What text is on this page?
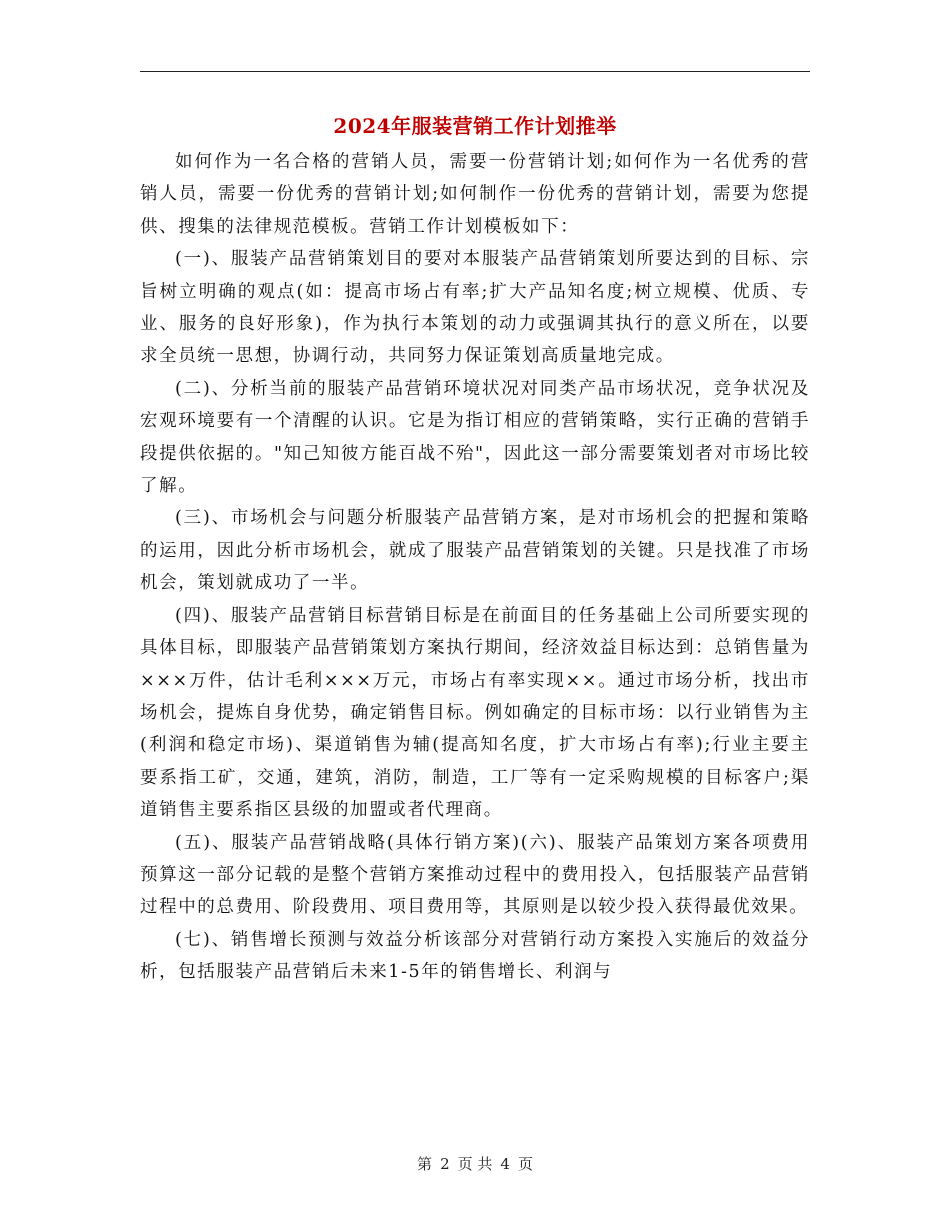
2024年服装营销工作计划推举

如何作为一名合格的营销人员，需要一份营销计划;如何作为一名优秀的营销人员，需要一份优秀的营销计划;如何制作一份优秀的营销计划，需要为您提供、搜集的法律规范模板。营销工作计划模板如下：

(一)、服装产品营销策划目的要对本服装产品营销策划所要达到的目标、宗旨树立明确的观点(如：提高市场占有率;扩大产品知名度;树立规模、优质、专业、服务的良好形象)，作为执行本策划的动力或强调其执行的意义所在，以要求全员统一思想，协调行动，共同努力保证策划高质量地完成。

(二)、分析当前的服装产品营销环境状况对同类产品市场状况，竞争状况及宏观环境要有一个清醒的认识。它是为指订相应的营销策略，实行正确的营销手段提供依据的。"知己知彼方能百战不殆"，因此这一部分需要策划者对市场比较了解。

(三)、市场机会与问题分析服装产品营销方案，是对市场机会的把握和策略的运用，因此分析市场机会，就成了服装产品营销策划的关键。只是找准了市场机会，策划就成功了一半。

(四)、服装产品营销目标营销目标是在前面目的任务基础上公司所要实现的具体目标，即服装产品营销策划方案执行期间，经济效益目标达到：总销售量为×××万件，估计毛利×××万元，市场占有率实现××。通过市场分析，找出市场机会，提炼自身优势，确定销售目标。例如确定的目标市场：以行业销售为主(利润和稳定市场)、渠道销售为辅(提高知名度，扩大市场占有率);行业主要主要系指工矿，交通，建筑，消防，制造，工厂等有一定采购规模的目标客户;渠道销售主要系指区县级的加盟或者代理商。

(五)、服装产品营销战略(具体行销方案)(六)、服装产品策划方案各项费用预算这一部分记载的是整个营销方案推动过程中的费用投入，包括服装产品营销过程中的总费用、阶段费用、项目费用等，其原则是以较少投入获得最优效果。

(七)、销售增长预测与效益分析该部分对营销行动方案投入实施后的效益分析，包括服装产品营销后未来1-5年的销售增长、利润与

第 2 页 共 4 页
